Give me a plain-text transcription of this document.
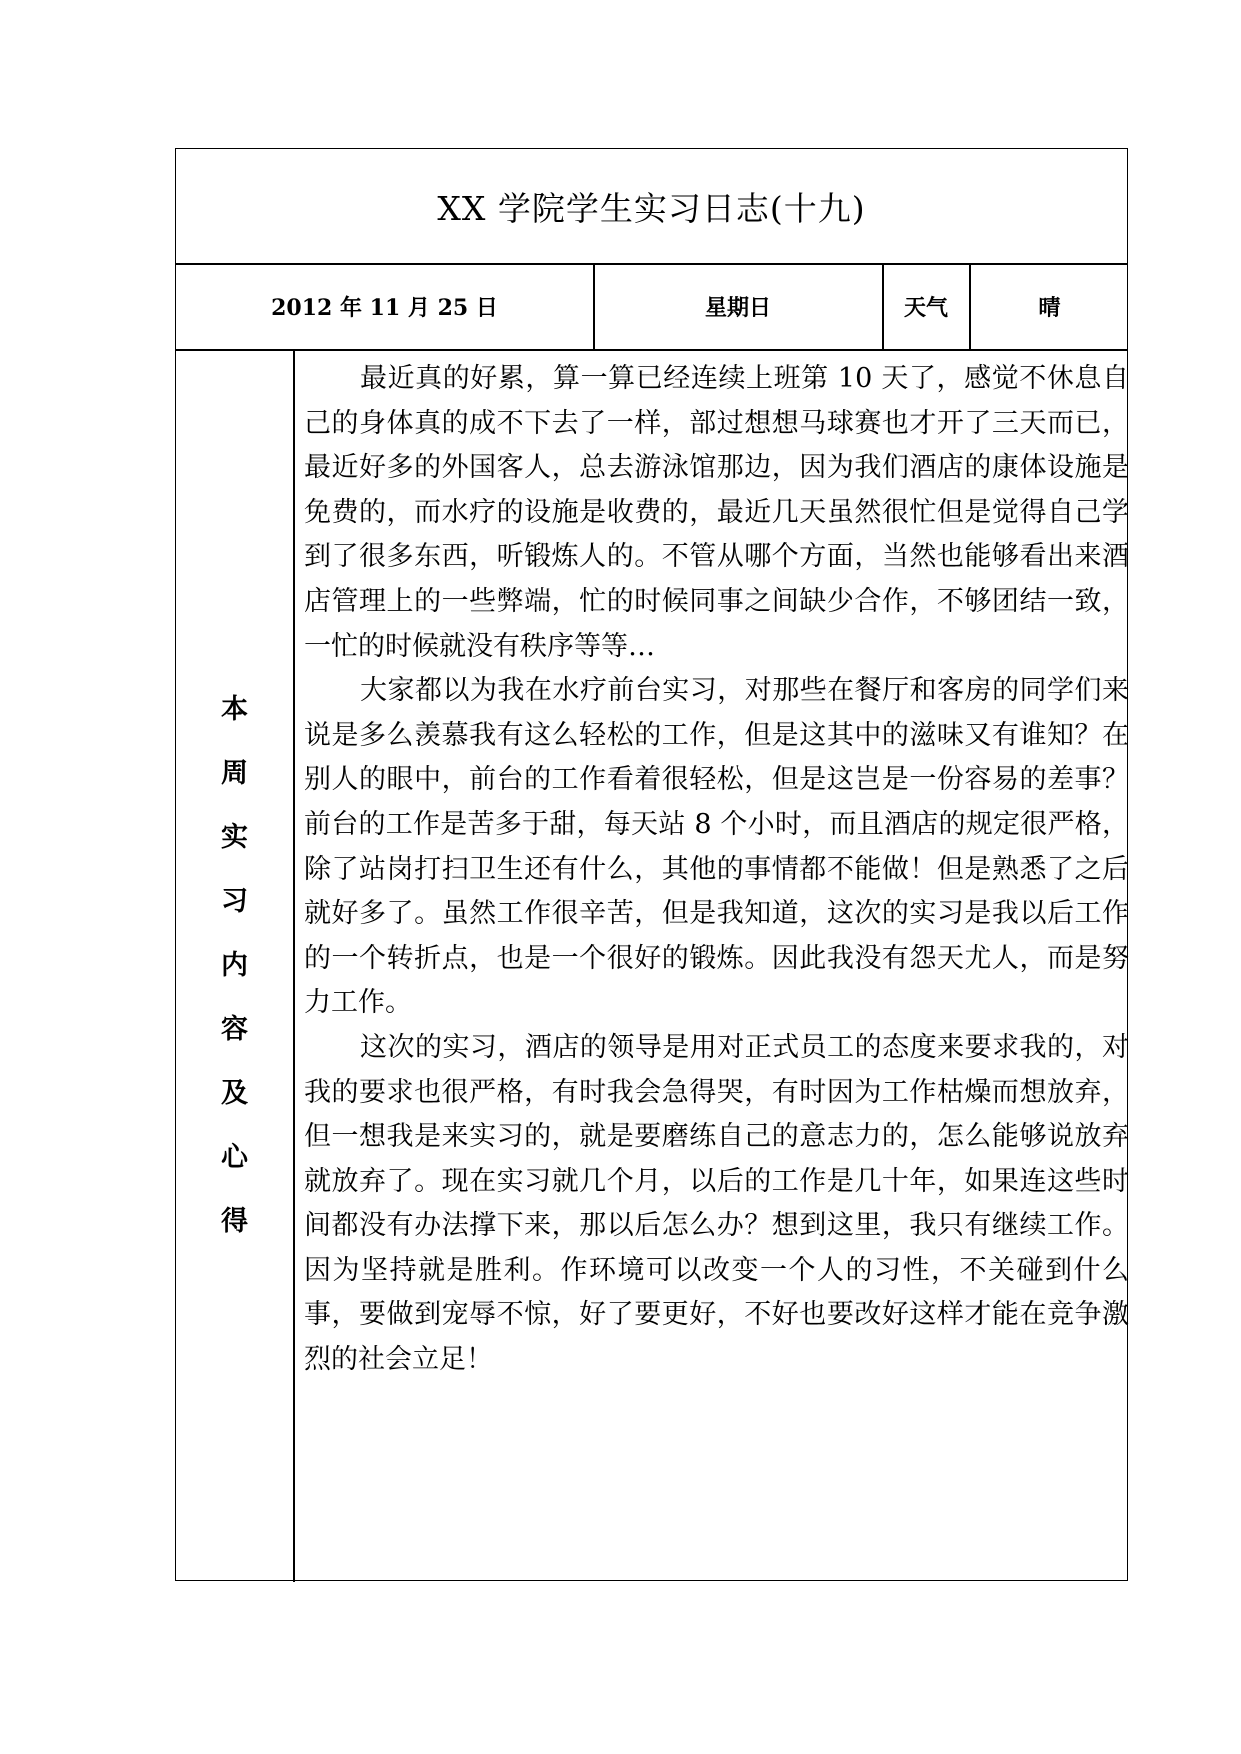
XX 学院学生实习日志(十九)
2012 年 11 月 25 日	星期日	天气	晴
本
周
实
习
内
容
及
心
得

最近真的好累，算一算已经连续上班第 10 天了，感觉不休息自己的身体真的成不下去了一样，部过想想马球赛也才开了三天而已，最近好多的外国客人，总去游泳馆那边，因为我们酒店的康体设施是免费的，而水疗的设施是收费的，最近几天虽然很忙但是觉得自己学到了很多东西，听锻炼人的。不管从哪个方面，当然也能够看出来酒店管理上的一些弊端，忙的时候同事之间缺少合作，不够团结一致，一忙的时候就没有秩序等等…

大家都以为我在水疗前台实习，对那些在餐厅和客房的同学们来说是多么羡慕我有这么轻松的工作，但是这其中的滋味又有谁知？在别人的眼中，前台的工作看着很轻松，但是这岂是一份容易的差事？前台的工作是苦多于甜，每天站 8 个小时，而且酒店的规定很严格，除了站岗打扫卫生还有什么，其他的事情都不能做！但是熟悉了之后就好多了。虽然工作很辛苦，但是我知道，这次的实习是我以后工作的一个转折点，也是一个很好的锻炼。因此我没有怨天尤人，而是努力工作。

这次的实习，酒店的领导是用对正式员工的态度来要求我的，对我的要求也很严格，有时我会急得哭，有时因为工作枯燥而想放弃，但一想我是来实习的，就是要磨练自己的意志力的，怎么能够说放弃就放弃了。现在实习就几个月，以后的工作是几十年，如果连这些时间都没有办法撑下来，那以后怎么办？想到这里，我只有继续工作。因为坚持就是胜利。作环境可以改变一个人的习性，不关碰到什么事，要做到宠辱不惊，好了要更好，不好也要改好这样才能在竞争激烈的社会立足！
